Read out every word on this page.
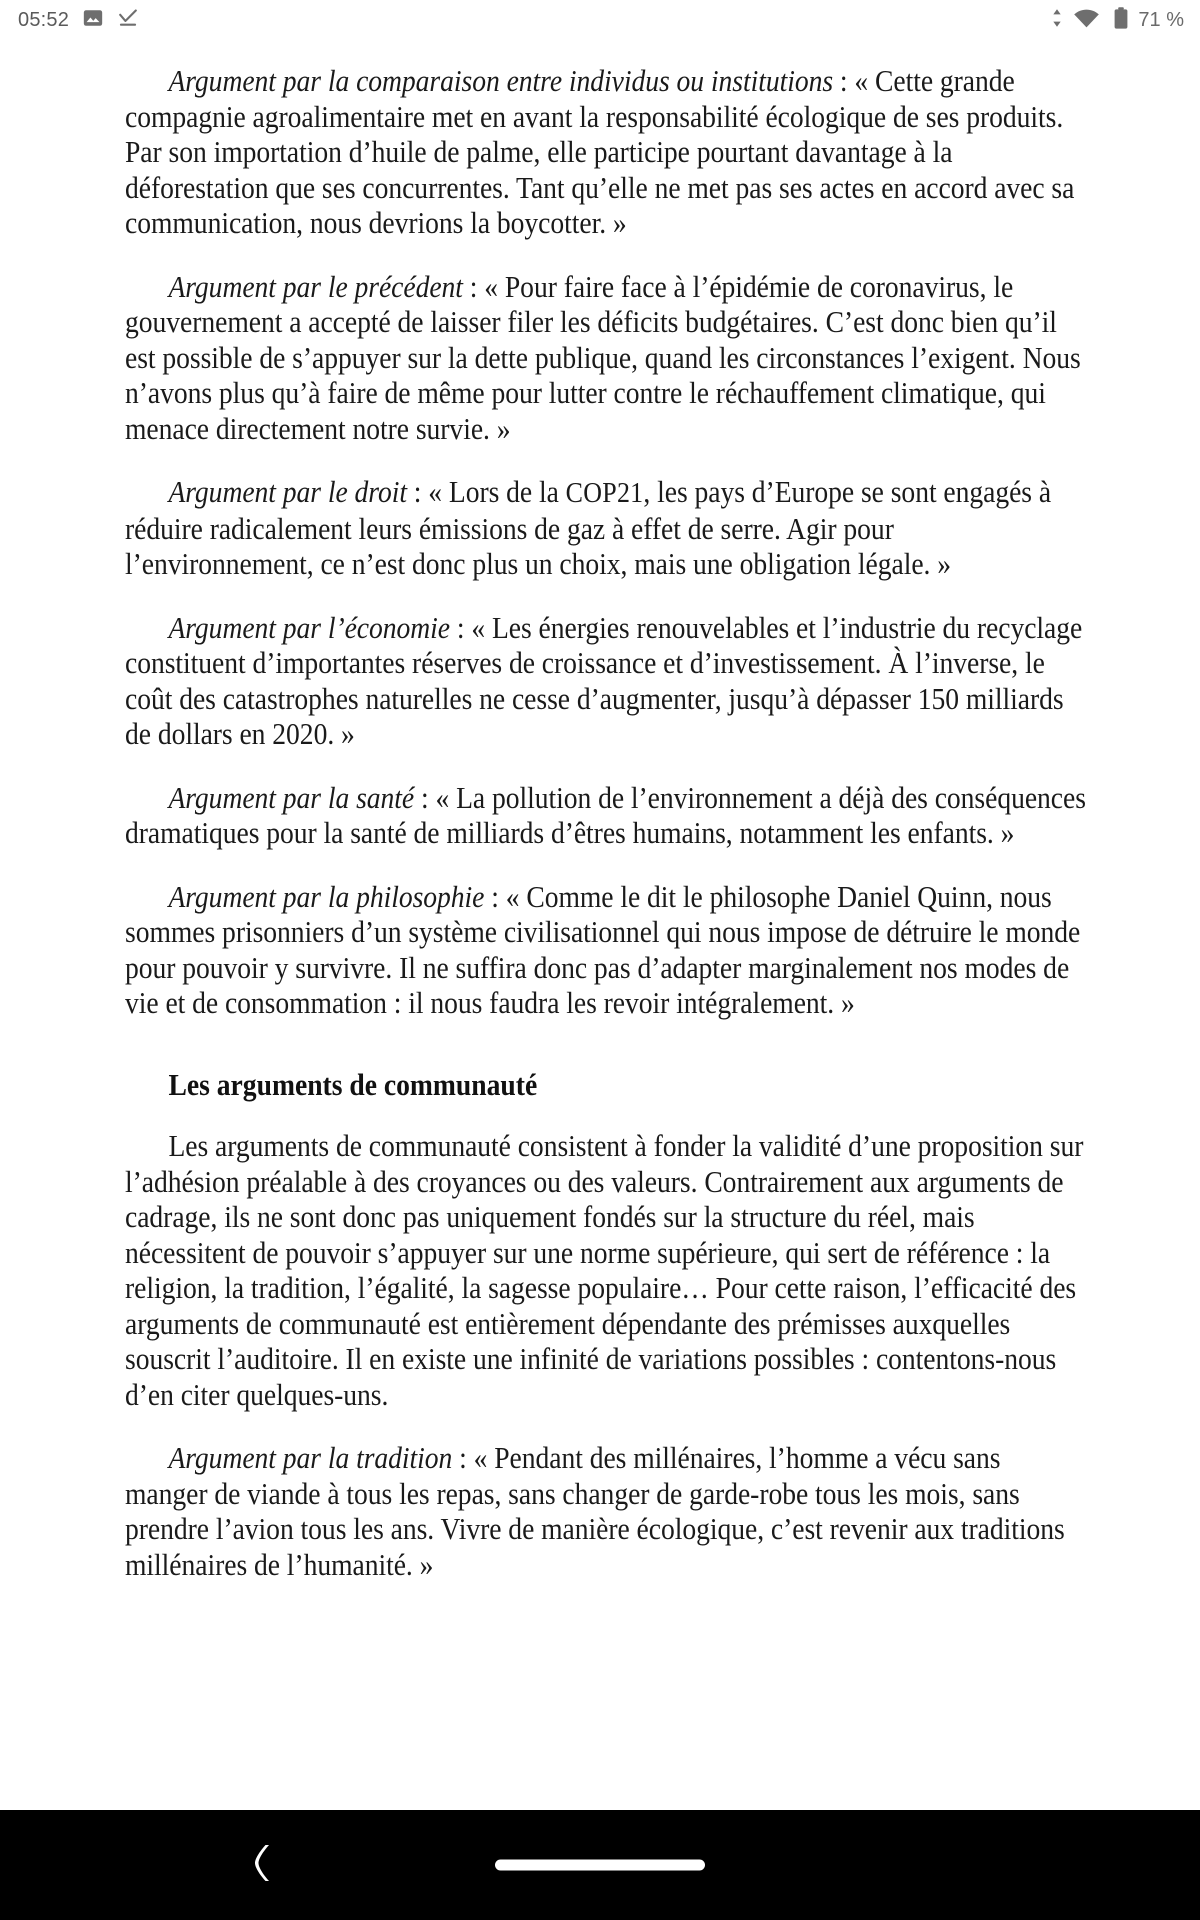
05:52	71 %

Argument par la comparaison entre individus ou institutions : « Cette grande compagnie agroalimentaire met en avant la responsabilité écologique de ses produits. Par son importation d’huile de palme, elle participe pourtant davantage à la déforestation que ses concurrentes. Tant qu’elle ne met pas ses actes en accord avec sa communication, nous devrions la boycotter. »

Argument par le précédent : « Pour faire face à l’épidémie de coronavirus, le gouvernement a accepté de laisser filer les déficits budgétaires. C’est donc bien qu’il est possible de s’appuyer sur la dette publique, quand les circonstances l’exigent. Nous n’avons plus qu’à faire de même pour lutter contre le réchauffement climatique, qui menace directement notre survie. »

Argument par le droit : « Lors de la COP21, les pays d’Europe se sont engagés à réduire radicalement leurs émissions de gaz à effet de serre. Agir pour l’environnement, ce n’est donc plus un choix, mais une obligation légale. »

Argument par l’économie : « Les énergies renouvelables et l’industrie du recyclage constituent d’importantes réserves de croissance et d’investissement. À l’inverse, le coût des catastrophes naturelles ne cesse d’augmenter, jusqu’à dépasser 150 milliards de dollars en 2020. »

Argument par la santé : « La pollution de l’environnement a déjà des conséquences dramatiques pour la santé de milliards d’êtres humains, notamment les enfants. »

Argument par la philosophie : « Comme le dit le philosophe Daniel Quinn, nous sommes prisonniers d’un système civilisationnel qui nous impose de détruire le monde pour pouvoir y survivre. Il ne suffira donc pas d’adapter marginalement nos modes de vie et de consommation : il nous faudra les revoir intégralement. »

Les arguments de communauté

Les arguments de communauté consistent à fonder la validité d’une proposition sur l’adhésion préalable à des croyances ou des valeurs. Contrairement aux arguments de cadrage, ils ne sont donc pas uniquement fondés sur la structure du réel, mais nécessitent de pouvoir s’appuyer sur une norme supérieure, qui sert de référence : la religion, la tradition, l’égalité, la sagesse populaire… Pour cette raison, l’efficacité des arguments de communauté est entièrement dépendante des prémisses auxquelles souscrit l’auditoire. Il en existe une infinité de variations possibles : contentons-nous d’en citer quelques-uns.

Argument par la tradition : « Pendant des millénaires, l’homme a vécu sans manger de viande à tous les repas, sans changer de garde-robe tous les mois, sans prendre l’avion tous les ans. Vivre de manière écologique, c’est revenir aux traditions millénaires de l’humanité. »
